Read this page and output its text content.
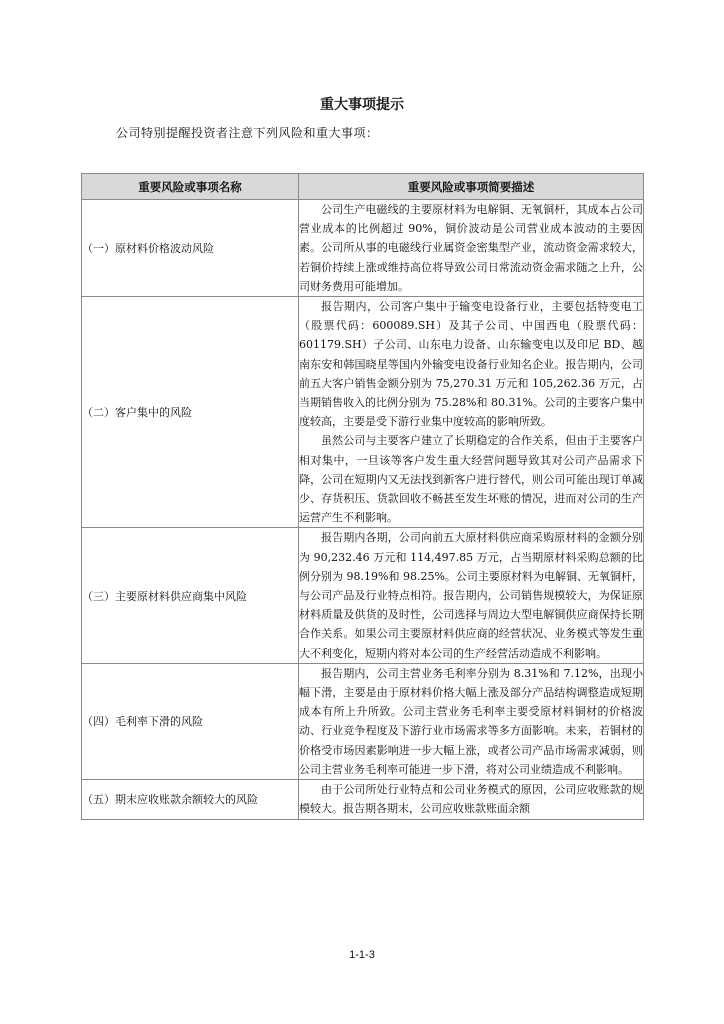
重大事项提示
公司特别提醒投资者注意下列风险和重大事项：
重要风险或事项名称	重要风险或事项简要描述
（一）原材料价格波动风险	公司生产电磁线的主要原材料为电解铜、无氧铜杆，其成本占公司营业成本的比例超过 90%，铜价波动是公司营业成本波动的主要因素。公司所从事的电磁线行业属资金密集型产业，流动资金需求较大，若铜价持续上涨或维持高位将导致公司日常流动资金需求随之上升，公司财务费用可能增加。

（二）客户集中的风险	报告期内，公司客户集中于输变电设备行业，主要包括特变电工（股票代码：600089.SH）及其子公司、中国西电（股票代码：601179.SH）子公司、山东电力设备、山东输变电以及印尼 BD、越南东安和韩国晓星等国内外输变电设备行业知名企业。报告期内，公司前五大客户销售金额分别为 75,270.31 万元和 105,262.36 万元，占当期销售收入的比例分别为 75.28%和 80.31%。公司的主要客户集中度较高，主要是受下游行业集中度较高的影响所致。

虽然公司与主要客户建立了长期稳定的合作关系，但由于主要客户相对集中，一旦该等客户发生重大经营问题导致其对公司产品需求下降，公司在短期内又无法找到新客户进行替代，则公司可能出现订单减少、存货积压、货款回收不畅甚至发生坏账的情况，进而对公司的生产运营产生不利影响。

（三）主要原材料供应商集中风险	报告期内各期，公司向前五大原材料供应商采购原材料的金额分别为 90,232.46 万元和 114,497.85 万元，占当期原材料采购总额的比例分别为 98.19%和 98.25%。公司主要原材料为电解铜、无氧铜杆，与公司产品及行业特点相符。报告期内，公司销售规模较大，为保证原材料质量及供货的及时性，公司选择与周边大型电解铜供应商保持长期合作关系。如果公司主要原材料供应商的经营状况、业务模式等发生重大不利变化，短期内将对本公司的生产经营活动造成不利影响。

（四）毛利率下滑的风险	报告期内，公司主营业务毛利率分别为 8.31%和 7.12%，出现小幅下滑，主要是由于原材料价格大幅上涨及部分产品结构调整造成短期成本有所上升所致。公司主营业务毛利率主要受原材料铜材的价格波动、行业竞争程度及下游行业市场需求等多方面影响。未来，若铜材的价格受市场因素影响进一步大幅上涨，或者公司产品市场需求减弱，则公司主营业务毛利率可能进一步下滑，将对公司业绩造成不利影响。

（五）期末应收账款余额较大的风险	由于公司所处行业特点和公司业务模式的原因，公司应收账款的规模较大。报告期各期末，公司应收账款账面余额

1-1-3
